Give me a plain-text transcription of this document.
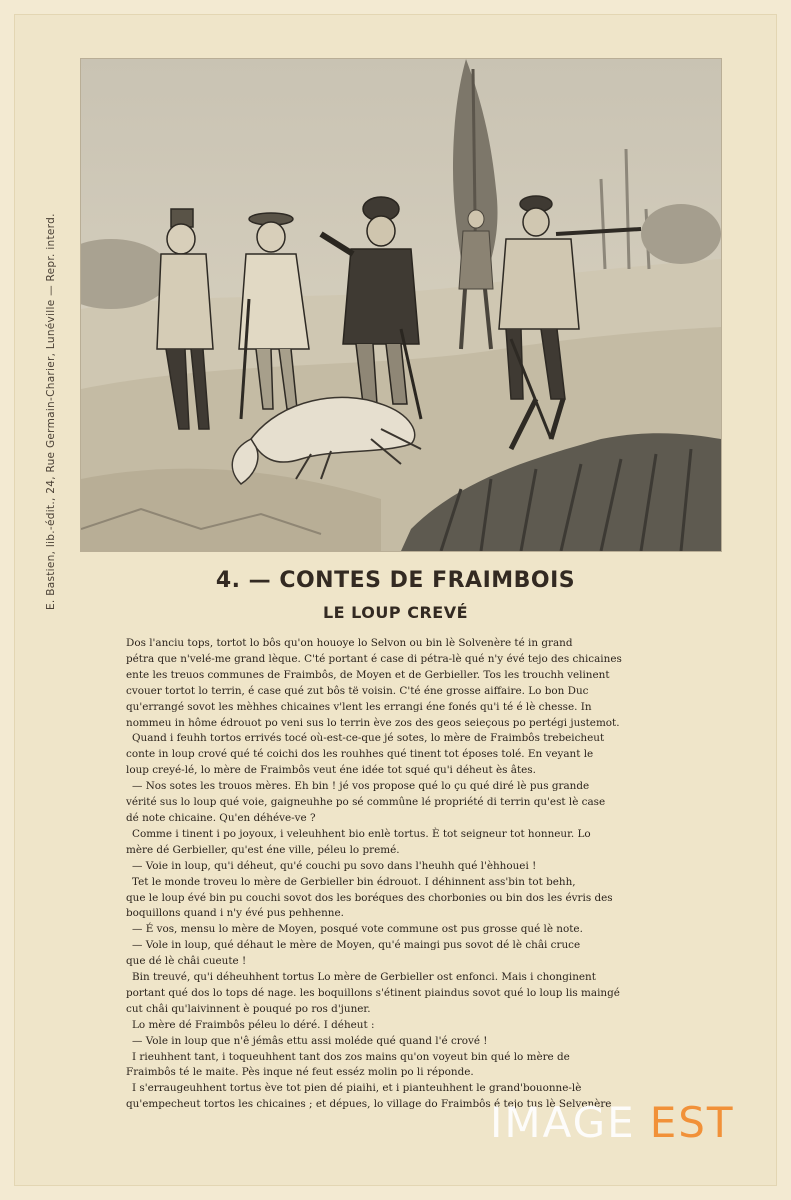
E. Bastien, lib.-édit., 24, Rue Germain-Charier, Lunéville — Repr. interd.	4. — CONTES DE FRAIMBOIS
LE LOUP CREVÉ

Dos l'anciu tops, tortot lo bôs qu'on houoye lo Selvon ou bin lè Solvenère té in grand

pétra que n'velé-me grand lèque. C'té portant é case di pétra-lè qué n'y évé tejo des chicaines

ente les treuos communes de Fraimbôs, de Moyen et de Gerbieller. Tos les trouchh velinent

cvouer tortot lo terrin, é case qué zut bôs të voisin. C'té éne grosse aiffaire. Lo bon Duc

qu'errangé sovot les mèhhes chicaines v'lent les errangi éne fonés qu'i té é lè chesse. In

nommeu in hôme édrouot po veni sus lo terrin ève zos des geos seieçous po pertégi justemot.

Quand i feuhh tortos errivés tocé où-est-ce-que jé sotes, lo mère de Fraimbôs trebeicheut

conte in loup crové qué té coichi dos les rouhhes qué tinent tot époses tolé. En veyant le

loup creyé-lé, lo mère de Fraimbôs veut éne idée tot squé qu'i déheut ès âtes.

— Nos sotes les trouos mères. Eh bin ! jé vos propose qué lo çu qué diré lè pus grande

vérité sus lo loup qué voie, gaigneuhhe po sé commûne lé propriété di terrin qu'est lè case

dé note chicaine. Qu'en déhéve-ve ?

Comme i tinent i po joyoux, i veleuhhent bio enlè tortus. È tot seigneur tot honneur. Lo

mère dé Gerbieller, qu'est éne ville, péleu lo premé.

— Voie in loup, qu'i déheut, qu'é couchi pu sovo dans l'heuhh qué l'èhhouei !

Tet le monde troveu lo mère de Gerbieller bin édrouot. I déhinnent ass'bin tot behh,

que le loup évé bin pu couchi sovot dos les boréques des chorbonies ou bin dos les évris des

boquillons quand i n'y évé pus pehhenne.

— É vos, mensu lo mère de Moyen, posqué vote commune ost pus grosse qué lè note.

— Vole in loup, qué déhaut le mère de Moyen, qu'é maingi pus sovot dé lè châi cruce

que dé lè châi cueute !

Bin treuvé, qu'i déheuhhent tortus Lo mère de Gerbieller ost enfonci. Mais i chonginent

portant qué dos lo tops dé nage. les boquillons s'étinent piaindus sovot qué lo loup lis maingé

cut châi qu'laivinnent è pouqué po ros d'juner.

Lo mère dé Fraimbôs péleu lo déré. I déheut :

— Vole in loup que n'ê jémâs ettu assi moléde qué quand l'é crové !

I rieuhhent tant, i toqueuhhent tant dos zos mains qu'on voyeut bin qué lo mère de

Fraimbôs té le maite. Pès inque né feut esséz molin po li réponde.

I s'erraugeuhhent tortus ève tot pien dé piaihi, et i pianteuhhent le grand'bouonne-lè

qu'empecheut tortos les chicaines ; et dépues, lo village do Fraimbôs é tejo tus lè Selvenère

IMAGE EST
